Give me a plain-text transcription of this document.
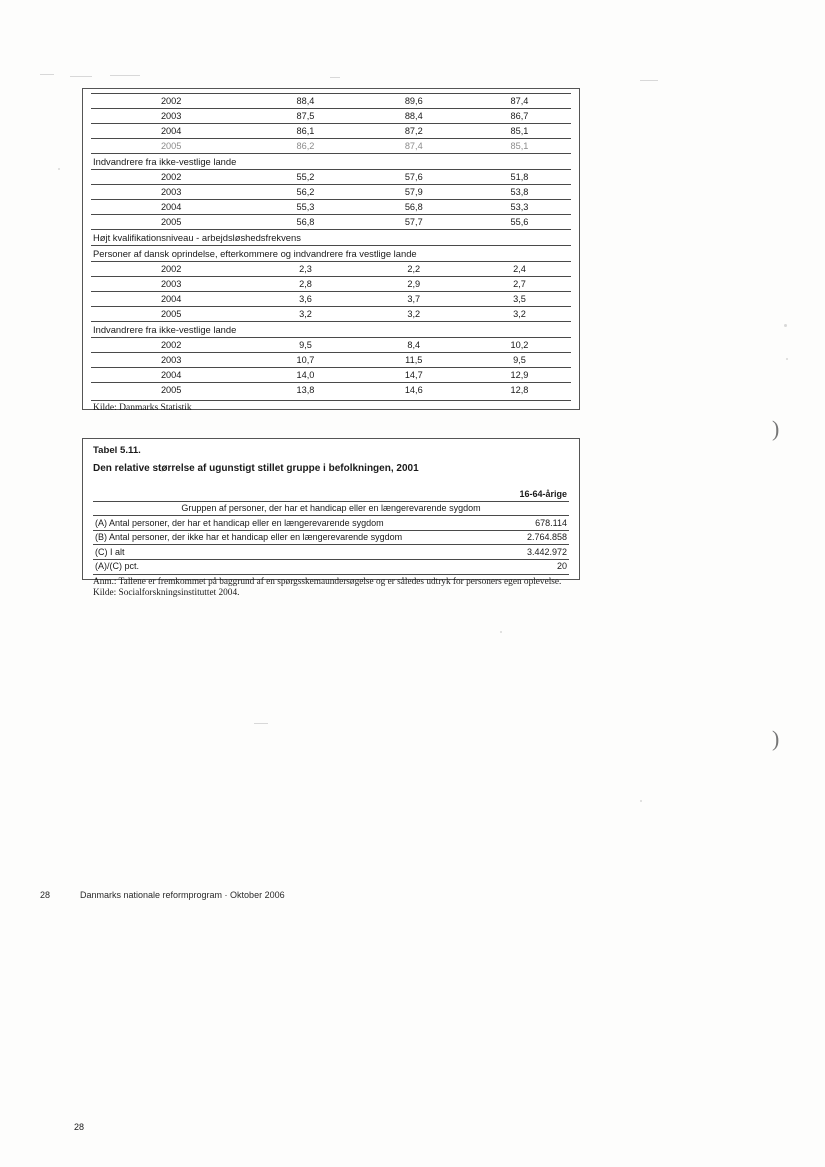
)
)
2002	88,4	89,6	87,4
2003	87,5	88,4	86,7
2004	86,1	87,2	85,1
2005	86,2	87,4	85,1
Indvandrere fra ikke-vestlige lande			
2002	55,2	57,6	51,8
2003	56,2	57,9	53,8
2004	55,3	56,8	53,3
2005	56,8	57,7	55,6
Højt kvalifikationsniveau - arbejdsløshedsfrekvens			
Personer af dansk oprindelse, efterkommere og indvandrere fra vestlige lande			
2002	2,3	2,2	2,4
2003	2,8	2,9	2,7
2004	3,6	3,7	3,5
2005	3,2	3,2	3,2
Indvandrere fra ikke-vestlige lande			
2002	9,5	8,4	10,2
2003	10,7	11,5	9,5
2004	14,0	14,7	12,9
2005	13,8	14,6	12,8
Kilde: Danmarks Statistik
Tabel 5.11.
Den relative størrelse af ugunstigt stillet gruppe i befolkningen, 2001
	16-64-årige
Gruppen af personer, der har et handicap eller en længerevarende sygdom	
(A) Antal personer, der har et handicap eller en længerevarende sygdom	678.114
(B) Antal personer, der ikke har et handicap eller en længerevarende sygdom	2.764.858
(C) I alt	3.442.972
(A)/(C) pct.	20
Anm.: Tallene er fremkommet på baggrund af en spørgsskemaundersøgelse og er således udtryk for personers egen oplevelse.
Kilde: Socialforskningsinstituttet 2004.
28	Danmarks nationale reformprogram · Oktober 2006
28
